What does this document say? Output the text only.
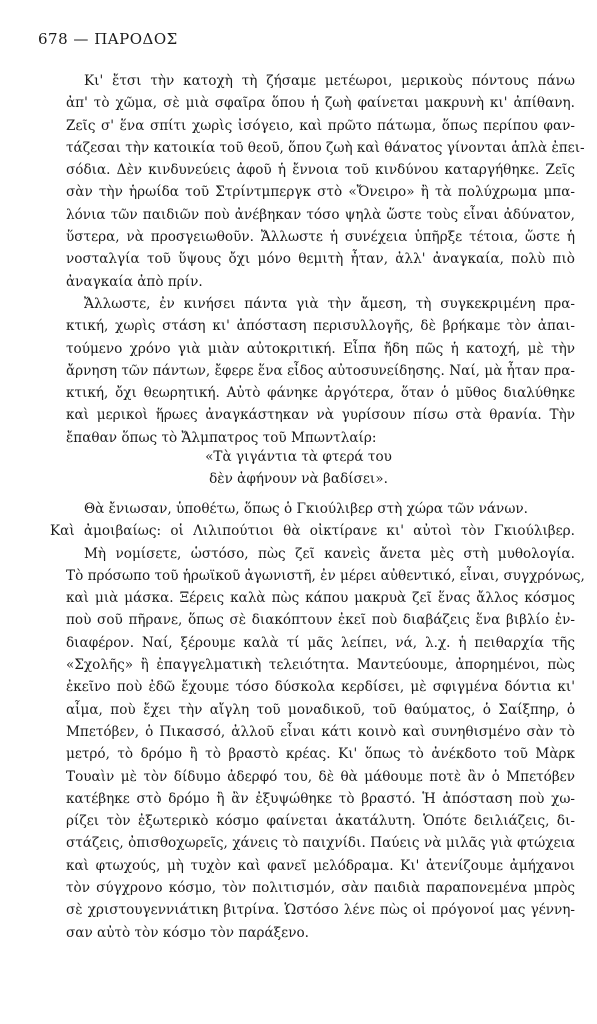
678 — ΠΑΡΟΔΟΣ
Κι' ἔτσι τὴν κατοχὴ τὴ ζήσαμε μετέωροι, μερικοὺς πόντους πάνω
ἀπ' τὸ χῶμα, σὲ μιὰ σφαῖρα ὅπου ἡ ζωὴ φαίνεται μακρυνὴ κι' ἀπίθανη.
Ζεῖς σ' ἕνα σπίτι χωρὶς ἰσόγειο, καὶ πρῶτο πάτωμα, ὅπως περίπου φαν-
τάζεσαι τὴν κατοικία τοῦ θεοῦ, ὅπου ζωὴ καὶ θάνατος γίνονται ἁπλὰ ἐπει-
σόδια. Δὲν κινδυνεύεις ἀφοῦ ἡ ἔννοια τοῦ κινδύνου καταργήθηκε. Ζεῖς
σὰν τὴν ἡρωίδα τοῦ Στρίντμπεργκ στὸ «Ὄνειρο» ἢ τὰ πολύχρωμα μπα-
λόνια τῶν παιδιῶν ποὺ ἀνέβηκαν τόσο ψηλὰ ὥστε τοὺς εἶναι ἀδύνατον,
ὕστερα, νὰ προσγειωθοῦν. Ἄλλωστε ἡ συνέχεια ὑπῆρξε τέτοια, ὥστε ἡ
νοσταλγία τοῦ ὕψους ὄχι μόνο θεμιτὴ ἦταν, ἀλλ' ἀναγκαία, πολὺ πιὸ
ἀναγκαία ἀπὸ πρίν.
Ἄλλωστε, ἐν κινήσει πάντα γιὰ τὴν ἄμεση, τὴ συγκεκριμένη πρα-
κτική, χωρὶς στάση κι' ἀπόσταση περισυλλογῆς, δὲ βρήκαμε τὸν ἀπαι-
τούμενο χρόνο γιὰ μιὰν αὐτοκριτική. Εἶπα ἤδη πῶς ἡ κατοχή, μὲ τὴν
ἄρνηση τῶν πάντων, ἔφερε ἕνα εἶδος αὐτοσυνείδησης. Ναί, μὰ ἦταν πρα-
κτική, ὄχι θεωρητική. Αὐτὸ φάνηκε ἀργότερα, ὅταν ὁ μῦθος διαλύθηκε
καὶ μερικοὶ ἥρωες ἀναγκάστηκαν νὰ γυρίσουν πίσω στὰ θρανία. Τὴν
ἔπαθαν ὅπως τὸ Ἄλμπατρος τοῦ Μπωντλαίρ:
«Τὰ γιγάντια τὰ φτερά του
δὲν ἀφήνουν νὰ βαδίσει».
Θὰ ἔνιωσαν, ὑποθέτω, ὅπως ὁ Γκιούλιβερ στὴ χώρα τῶν νάνων.
Καὶ ἀμοιβαίως: οἱ Λιλιπούτιοι θὰ οἰκτίρανε κι' αὐτοὶ τὸν Γκιούλιβερ.
Μὴ νομίσετε, ὡστόσο, πὼς ζεῖ κανεὶς ἄνετα μὲς στὴ μυθολογία.
Τὸ πρόσωπο τοῦ ἡρωϊκοῦ ἀγωνιστῆ, ἐν μέρει αὐθεντικό, εἶναι, συγχρόνως,
καὶ μιὰ μάσκα. Ξέρεις καλὰ πὼς κάπου μακρυὰ ζεῖ ἕνας ἄλλος κόσμος
ποὺ σοῦ πῆρανε, ὅπως σὲ διακόπτουν ἐκεῖ ποὺ διαβάζεις ἕνα βιβλίο ἐν-
διαφέρον. Ναί, ξέρουμε καλὰ τί μᾶς λείπει, νά, λ.χ. ἡ πειθαρχία τῆς
«Σχολῆς» ἢ ἐπαγγελματικὴ τελειότητα. Μαντεύουμε, ἀπορημένοι, πὼς
ἐκεῖνο ποὺ ἐδῶ ἔχουμε τόσο δύσκολα κερδίσει, μὲ σφιγμένα δόντια κι'
αἷμα, ποὺ ἔχει τὴν αἴγλη τοῦ μοναδικοῦ, τοῦ θαύματος, ὁ Σαίξπηρ, ὁ
Μπετόβεν, ὁ Πικασσό, ἀλλοῦ εἶναι κάτι κοινὸ καὶ συνηθισμένο σὰν τὸ
μετρό, τὸ δρόμο ἢ τὸ βραστὸ κρέας. Κι' ὅπως τὸ ἀνέκδοτο τοῦ Μὰρκ
Τουαὶν μὲ τὸν δίδυμο ἀδερφό του, δὲ θὰ μάθουμε ποτὲ ἂν ὁ Μπετόβεν
κατέβηκε στὸ δρόμο ἢ ἂν ἐξυψώθηκε τὸ βραστό. Ἡ ἀπόσταση ποὺ χω-
ρίζει τὸν ἐξωτερικὸ κόσμο φαίνεται ἀκατάλυτη. Ὁπότε δειλιάζεις, δι-
στάζεις, ὀπισθοχωρεῖς, χάνεις τὸ παιχνίδι. Παύεις νὰ μιλᾶς γιὰ φτώχεια
καὶ φτωχούς, μὴ τυχὸν καὶ φανεῖ μελόδραμα. Κι' ἀτενίζουμε ἀμήχανοι
τὸν σύγχρονο κόσμο, τὸν πολιτισμόν, σὰν παιδιὰ παραπονεμένα μπρὸς
σὲ χριστουγεννιάτικη βιτρίνα. Ὡστόσο λένε πὼς οἱ πρόγονοί μας γέννη-
σαν αὐτὸ τὸν κόσμο τὸν παράξενο.
